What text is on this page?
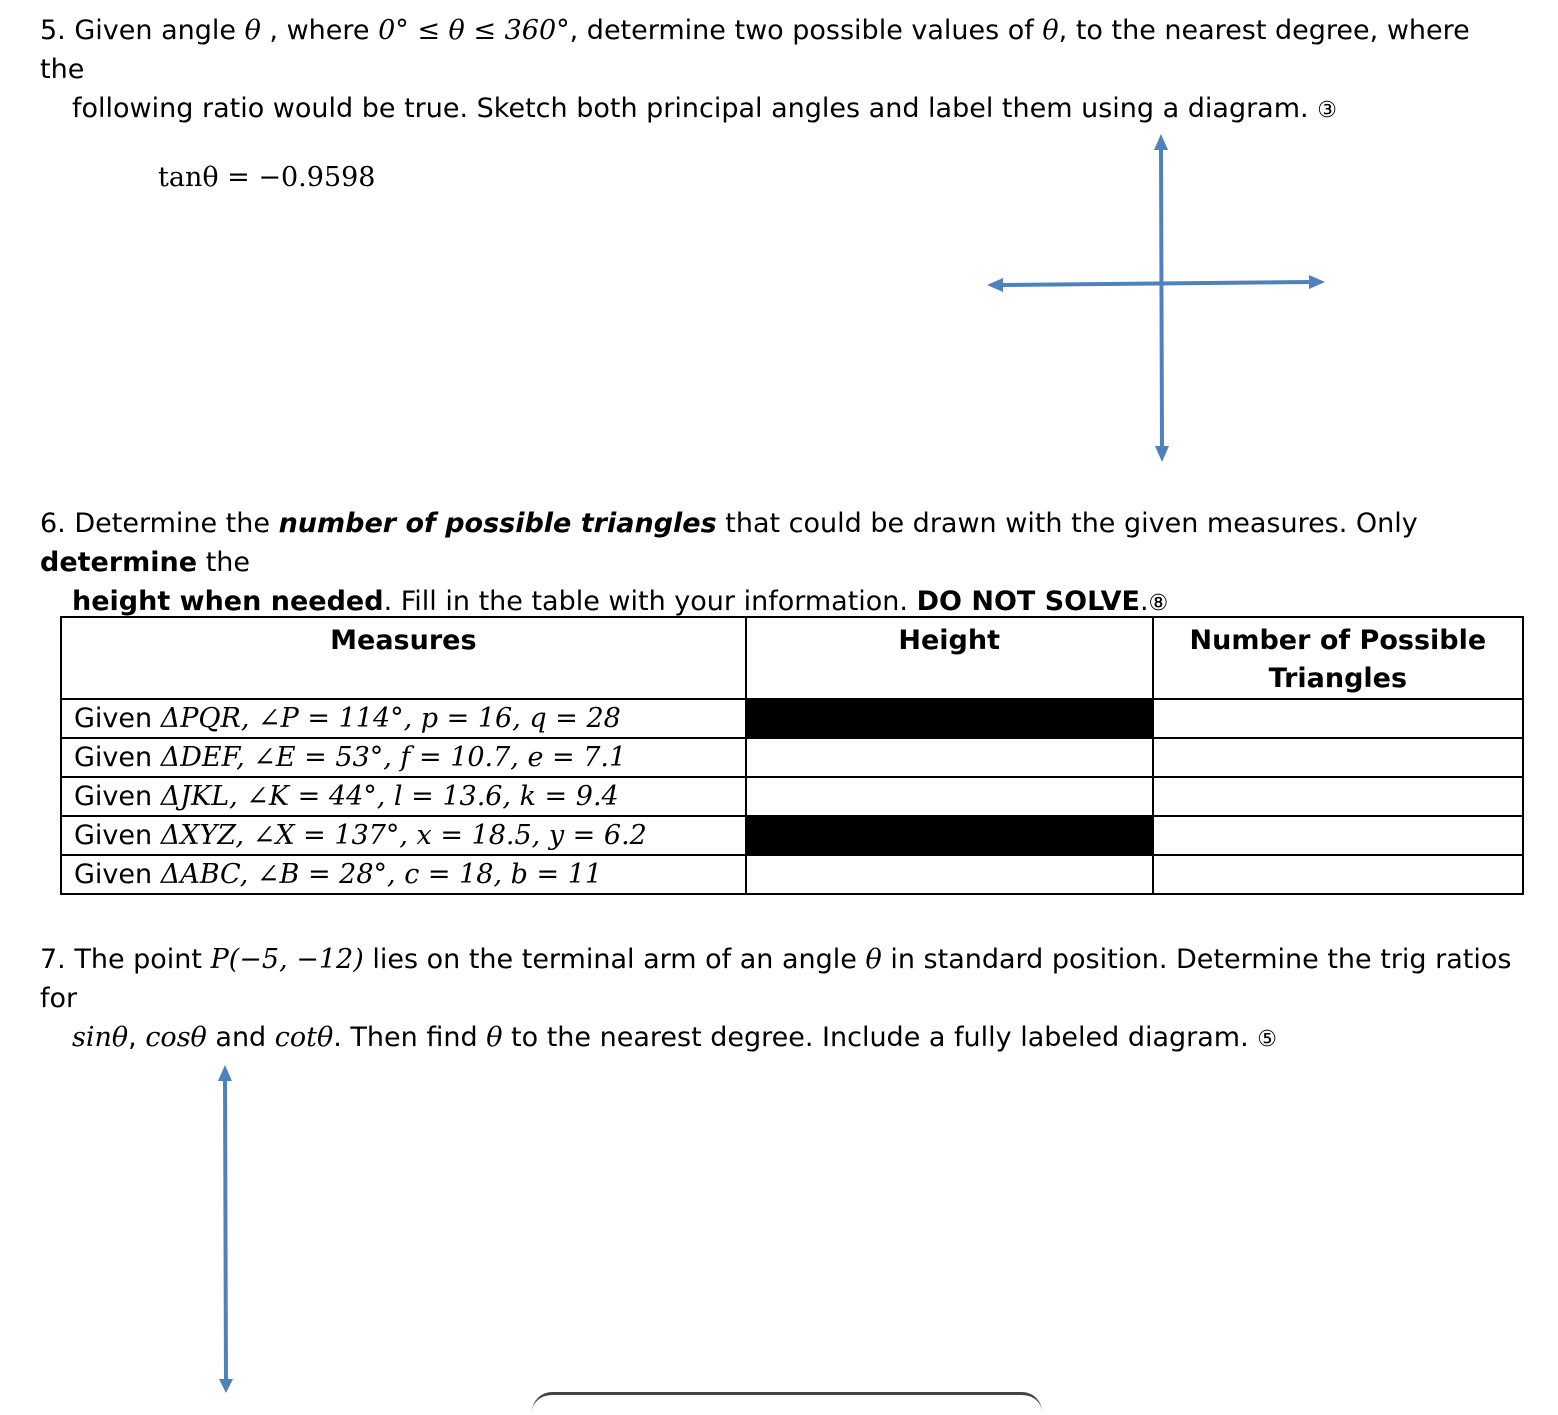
5. Given angle θ , where 0° ≤ θ ≤ 360°, determine two possible values of θ, to the nearest degree, where the
following ratio would be true. Sketch both principal angles and label them using a diagram. ③
tanθ = −0.9598
6. Determine the number of possible triangles that could be drawn with the given measures. Only determine the
height when needed. Fill in the table with your information. DO NOT SOLVE.⑧
Measures	Height	Number of Possible Triangles
Given ΔPQR, ∠P = 114°, p = 16, q = 28		
Given ΔDEF, ∠E = 53°, f = 10.7, e = 7.1		
Given ΔJKL, ∠K = 44°, l = 13.6, k = 9.4		
Given ΔXYZ, ∠X = 137°, x = 18.5, y = 6.2		
Given ΔABC, ∠B = 28°, c = 18, b = 11		
7. The point P(−5, −12) lies on the terminal arm of an angle θ in standard position. Determine the trig ratios for
sinθ, cosθ and cotθ. Then find θ to the nearest degree. Include a fully labeled diagram. ⑤
